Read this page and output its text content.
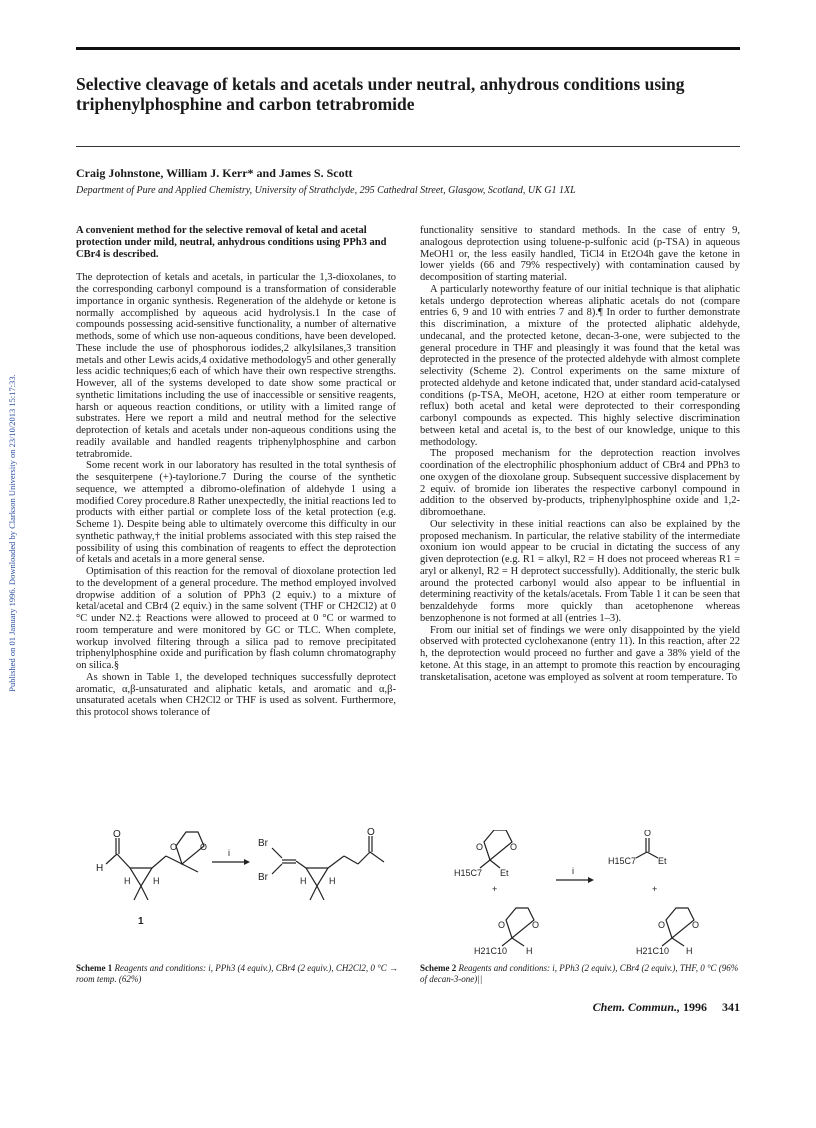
Published on 01 January 1996. Downloaded by Clarkson University on 23/10/2013 15:17:33.
Selective cleavage of ketals and acetals under neutral, anhydrous conditions using triphenylphosphine and carbon tetrabromide
Craig Johnstone, William J. Kerr* and James S. Scott
Department of Pure and Applied Chemistry, University of Strathclyde, 295 Cathedral Street, Glasgow, Scotland, UK G1 1XL
A convenient method for the selective removal of ketal and acetal protection under mild, neutral, anhydrous conditions using PPh3 and CBr4 is described.

The deprotection of ketals and acetals, in particular the 1,3-dioxolanes, to the corresponding carbonyl compound is a transformation of considerable importance in organic synthesis. Regeneration of the aldehyde or ketone is normally accomplished by aqueous acid hydrolysis.1 In the case of compounds possessing acid-sensitive functionality, a number of alternative methods, some of which use non-aqueous conditions, have been developed. These include the use of phosphorous iodides,2 alkylsilanes,3 transition metals and other Lewis acids,4 oxidative methodology5 and other generally less acidic techniques;6 each of which have their own respective strengths. However, all of the systems developed to date show some practical or synthetic limitations including the use of inaccessible or sensitive reagents, harsh or aqueous reaction conditions, or utility with a limited range of substrates. Here we report a mild and neutral method for the selective deprotection of ketals and acetals under non-aqueous conditions using the readily available and handled reagents triphenylphosphine and carbon tetrabromide.

Some recent work in our laboratory has resulted in the total synthesis of the sesquiterpene (+)-taylorione.7 During the course of the synthetic sequence, we attempted a dibromo-olefination of aldehyde 1 using a modified Corey procedure.8 Rather unexpectedly, the initial reactions led to products with either partial or complete loss of the ketal protection (e.g. Scheme 1). Despite being able to ultimately overcome this difficulty in our synthetic pathway,† the initial problems associated with this step raised the possibility of using this combination of reagents to effect the deprotection of ketals and acetals in a more general sense.

Optimisation of this reaction for the removal of dioxolane protection led to the development of a general procedure. The method employed involved dropwise addition of a solution of PPh3 (2 equiv.) to a mixture of ketal/acetal and CBr4 (2 equiv.) in the same solvent (THF or CH2Cl2) at 0 °C under N2.‡ Reactions were allowed to proceed at 0 °C or warmed to room temperature and were monitored by GC or TLC. When complete, workup involved filtering through a silica pad to remove precipitated triphenylphosphine oxide and purification by flash column chromatography on silica.§

As shown in Table 1, the developed techniques successfully deprotect aromatic, α,β-unsaturated and aliphatic ketals, and aromatic and α,β-unsaturated acetals when CH2Cl2 or THF is used as solvent. Furthermore, this protocol shows tolerance of

functionality sensitive to standard methods. In the case of entry 9, analogous deprotection using toluene-p-sulfonic acid (p-TSA) in aqueous MeOH1 or, the less easily handled, TiCl4 in Et2O4h gave the ketone in lower yields (66 and 79% respectively) with contamination caused by decomposition of starting material.

A particularly noteworthy feature of our initial technique is that aliphatic ketals undergo deprotection whereas aliphatic acetals do not (compare entries 6, 9 and 10 with entries 7 and 8).¶ In order to further demonstrate this discrimination, a mixture of the protected aliphatic aldehyde, undecanal, and the protected ketone, decan-3-one, were subjected to the general procedure in THF and pleasingly it was found that the ketal was deprotected in the presence of the protected aldehyde with almost complete selectivity (Scheme 2). Control experiments on the same mixture of protected aldehyde and ketone indicated that, under standard acid-catalysed conditions (p-TSA, MeOH, acetone, H2O at either room temperature or reflux) both acetal and ketal were deprotected to their corresponding carbonyl compounds as expected. This highly selective discrimination between ketal and acetal is, to the best of our knowledge, unique to this methodology.

The proposed mechanism for the deprotection reaction involves coordination of the electrophilic phosphonium adduct of CBr4 and PPh3 to one oxygen of the dioxolane group. Subsequent successive displacement by 2 equiv. of bromide ion liberates the respective carbonyl compound in addition to the observed by-products, triphenylphosphine oxide and 1,2-dibromoethane.

Our selectivity in these initial reactions can also be explained by the proposed mechanism. In particular, the relative stability of the intermediate oxonium ion would appear to be crucial in dictating the success of any given deprotection (e.g. R1 = alkyl, R2 = H does not proceed whereas R1 = aryl or alkenyl, R2 = H deprotect successfully). Additionally, the steric bulk around the protected carbonyl would also appear to be influential in determining reactivity of the ketals/acetals. From Table 1 it can be seen that benzaldehyde forms more quickly than acetophenone whereas benzophenone is not formed at all (entries 1–3).

From our initial set of findings we were only disappointed by the yield observed with protected cyclohexanone (entry 11). In this reaction, after 22 h, the deprotection would proceed no further and gave a 38% yield of the ketone. At this stage, in an attempt to promote this reaction by encouraging transketalisation, acetone was employed as solvent at room temperature. To

O
H
H	H
O	O
1
i
Br
Br	H	H
O
Scheme 1 Reagents and conditions: i, PPh3 (4 equiv.), CBr4 (2 equiv.), CH2Cl2, 0 °C → room temp. (62%)
O	O
H15C7 Et
+
O	O
H21C10 H
i
O
H15C7 Et
+
O	O
H21C10 H
Scheme 2 Reagents and conditions: i, PPh3 (2 equiv.), CBr4 (2 equiv.), THF, 0 °C (96% of decan-3-one)||
Chem. Commun., 1996 341
